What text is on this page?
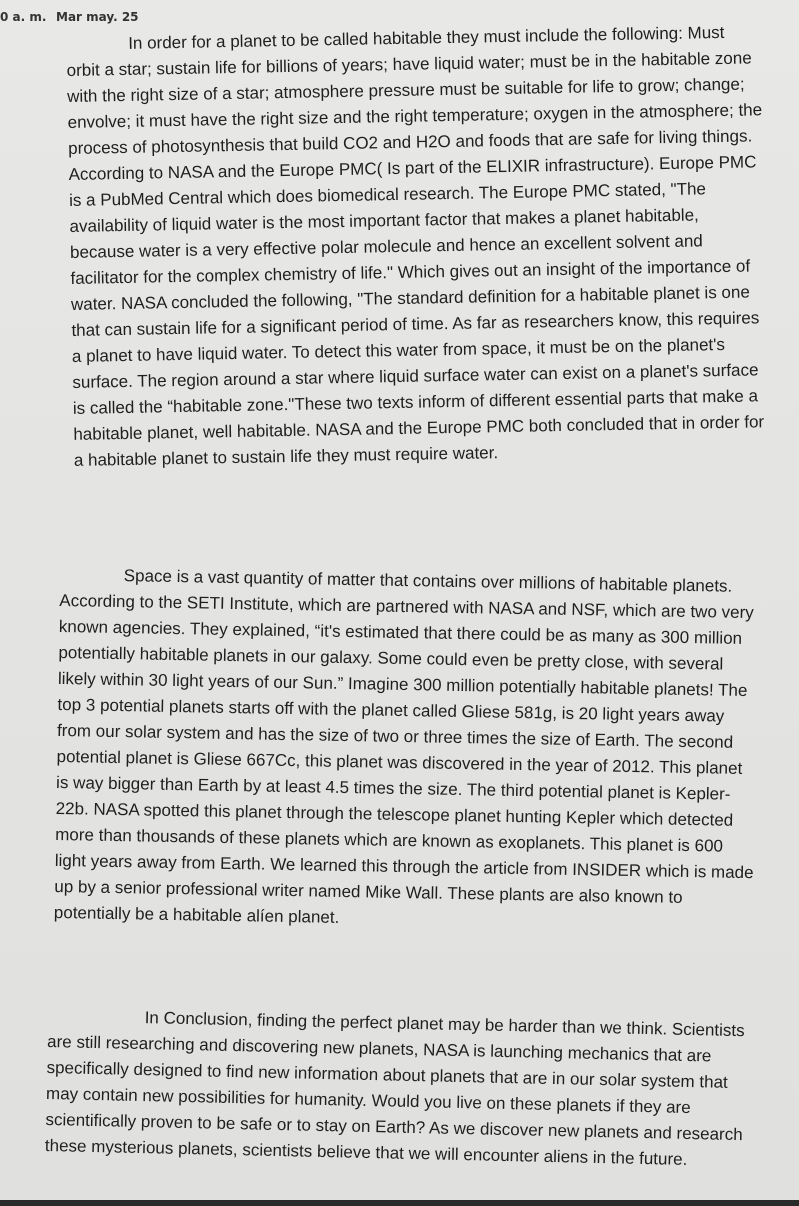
0 a. m. Mar may. 25

In order for a planet to be called habitable they must include the following: Must orbit a star; sustain life for billions of years; have liquid water; must be in the habitable zone with the right size of a star; atmosphere pressure must be suitable for life to grow; change; envolve; it must have the right size and the right temperature; oxygen in the atmosphere; the process of photosynthesis that build CO2 and H2O and foods that are safe for living things. According to NASA and the Europe PMC( Is part of the ELIXIR infrastructure). Europe PMC is a PubMed Central which does biomedical research. The Europe PMC stated, "The availability of liquid water is the most important factor that makes a planet habitable, because water is a very effective polar molecule and hence an excellent solvent and facilitator for the complex chemistry of life." Which gives out an insight of the importance of water. NASA concluded the following, "The standard definition for a habitable planet is one that can sustain life for a significant period of time. As far as researchers know, this requires a planet to have liquid water. To detect this water from space, it must be on the planet's surface. The region around a star where liquid surface water can exist on a planet's surface is called the “habitable zone."These two texts inform of different essential parts that make a habitable planet, well habitable. NASA and the Europe PMC both concluded that in order for a habitable planet to sustain life they must require water.

Space is a vast quantity of matter that contains over millions of habitable planets. According to the SETI Institute, which are partnered with NASA and NSF, which are two very known agencies. They explained, “it's estimated that there could be as many as 300 million potentially habitable planets in our galaxy. Some could even be pretty close, with several likely within 30 light years of our Sun.” Imagine 300 million potentially habitable planets! The top 3 potential planets starts off with the planet called Gliese 581g, is 20 light years away from our solar system and has the size of two or three times the size of Earth. The second potential planet is Gliese 667Cc, this planet was discovered in the year of 2012. This planet is way bigger than Earth by at least 4.5 times the size. The third potential planet is Kepler-22b. NASA spotted this planet through the telescope planet hunting Kepler which detected more than thousands of these planets which are known as exoplanets. This planet is 600 light years away from Earth. We learned this through the article from INSIDER which is made up by a senior professional writer named Mike Wall. These plants are also known to potentially be a habitable alíen planet.

In Conclusion, finding the perfect planet may be harder than we think. Scientists are still researching and discovering new planets, NASA is launching mechanics that are specifically designed to find new information about planets that are in our solar system that may contain new possibilities for humanity. Would you live on these planets if they are scientifically proven to be safe or to stay on Earth? As we discover new planets and research these mysterious planets, scientists believe that we will encounter aliens in the future.
